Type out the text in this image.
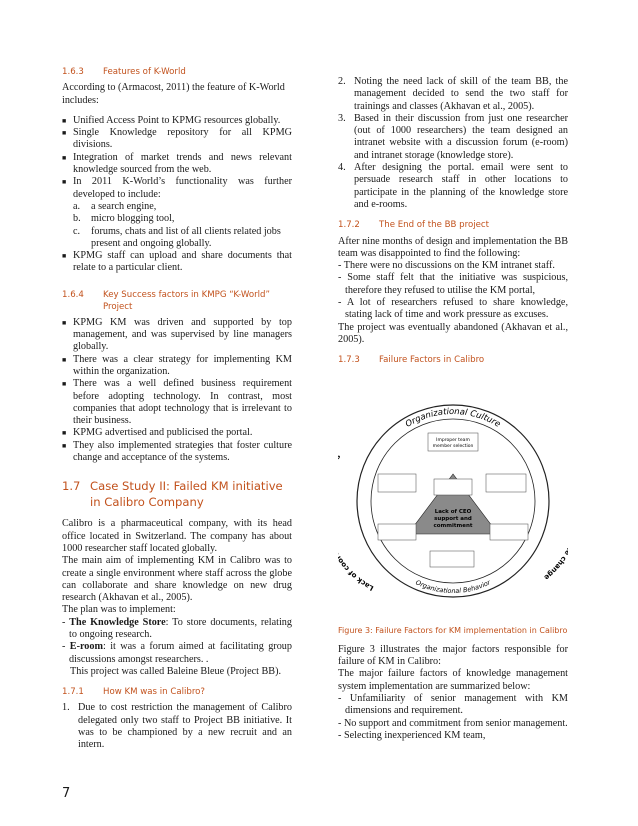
1.6.3	Features of K-World

According to (Armacost, 2011) the feature of K-World includes:

■ Unified Access Point to KPMG resources globally.
■ Single Knowledge repository for all KPMG divisions.
■ Integration of market trends and news relevant knowledge sourced from the web.
■ In 2011 K-World’s functionality was further developed to include:
a.	a search engine,
b.	micro blogging tool,
c.	forums, chats and list of all clients related jobs present and ongoing globally.
■ KPMG staff can upload and share documents that relate to a particular client.
1.6.4	Key Success factors in KMPG “K-World” Project
■ KPMG KM was driven and supported by top management, and was supervised by line managers globally.
■ There was a clear strategy for implementing KM within the organization.
■ There was a well defined business requirement before adopting technology. In contrast, most companies that adopt technology that is irrelevant to their business.
■ KPMG advertised and publicised the portal.
■ They also implemented strategies that foster culture change and acceptance of the systems.
1.7 Case Study II: Failed KM initiative in Calibro Company

Calibro is a pharmaceutical company, with its head office located in Switzerland. The company has about 1000 researcher staff located globally.

The main aim of implementing KM in Calibro was to create a single environment where staff across the globe can collaborate and share knowledge on new drug research (Akhavan et al., 2005).

The plan was to implement:

- The Knowledge Store: To store documents, relating to ongoing research.
- E-room: it was a forum aimed at facilitating group discussions amongst researchers. .

This project was called Baleine Bleue (Project BB).

1.7.1	How KM was in Calibro?
1. Due to cost restriction the management of Calibro delegated only two staff to Project BB initiative. It was to be championed by a new recruit and an intern.
2. Noting the need lack of skill of the team BB, the management decided to send the two staff for trainings and classes (Akhavan et al., 2005).
3. Based in their discussion from just one researcher (out of 1000 researchers) the team designed an intranet website with a discussion forum (e-room) and intranet storage (knowledge store).
4. After designing the portal. email were sent to persuade research staff in other locations to participate in the planning of the knowledge store and e-rooms.
1.7.2	The End of the BB project

After nine months of design and implementation the BB team was disappointed to find the following:

- There were no discussions on the KM intranet staff.
- Some staff felt that the initiative was suspicious, therefore they refused to utilise the KM portal,
- A lot of researchers refused to share knowledge, stating lack of time and work pressure as excuses.

The project was eventually abandoned (Akhavan et al., 2005).

1.7.3	Failure Factors in Calibro
Organizational Culture
Organizational Behavior
Lack of co
change
Lack of CEO
support and
commitment
Improper team
member selection
Figure 3: Failure Factors for KM implementation in Calibro

Figure 3 illustrates the major factors responsible for failure of KM in Calibro:

The major failure factors of knowledge management system implementation are summarized below:

- Unfamiliarity of senior management with KM dimensions and requirement.
- No support and commitment from senior management.
- Selecting inexperienced KM team,
7
